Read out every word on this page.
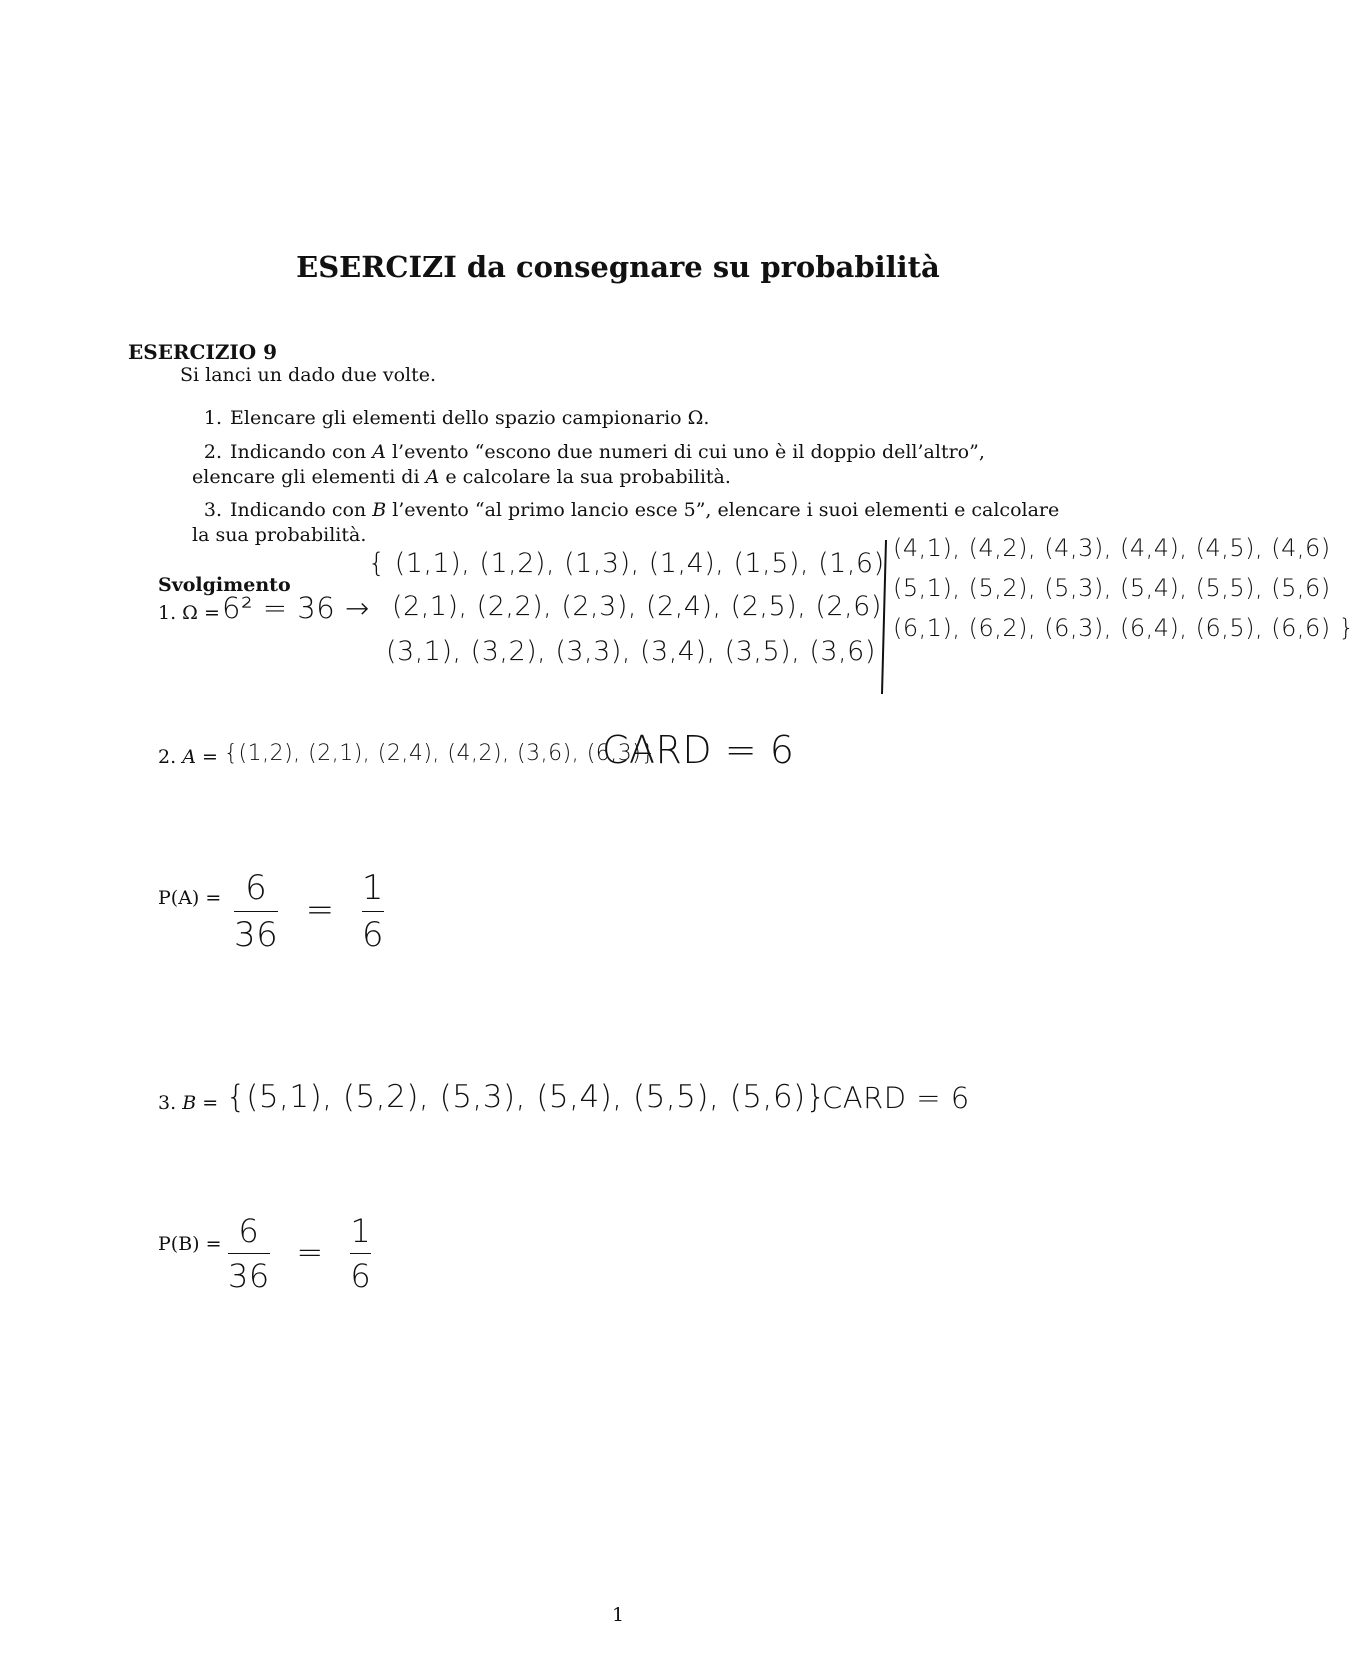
ESERCIZI da consegnare su probabilità
ESERCIZIO 9
Si lanci un dado due volte.
1. Elencare gli elementi dello spazio campionario Ω.
2. Indicando con A l’evento “escono due numeri di cui uno è il doppio dell’altro”, elencare gli elementi di A e calcolare la sua probabilità.
3. Indicando con B l’evento “al primo lancio esce 5”, elencare i suoi elementi e calcolare la sua probabilità.
Svolgimento
1. Ω = 6² = 36 →
{ (1,1), (1,2), (1,3), (1,4), (1,5), (1,6)
(2,1), (2,2), (2,3), (2,4), (2,5), (2,6)
(3,1), (3,2), (3,3), (3,4), (3,5), (3,6)
(4,1), (4,2), (4,3), (4,4), (4,5), (4,6)
(5,1), (5,2), (5,3), (5,4), (5,5), (5,6)
(6,1), (6,2), (6,3), (6,4), (6,5), (6,6) }
2. A = {(1,2), (2,1), (2,4), (4,2), (3,6), (6,3)}
CARD = 6
$P(A) = \frac{6}{36} = \frac{1}{6}$
3. B = {(5,1), (5,2), (5,3), (5,4), (5,5), (5,6)}
CARD = 6
$P(B) = \frac{6}{36} = \frac{1}{6}$
1
